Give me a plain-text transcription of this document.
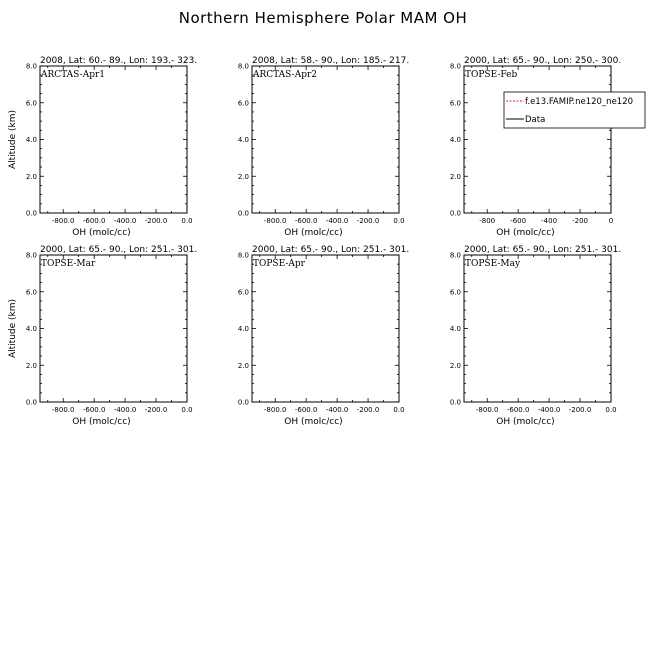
Northern Hemisphere Polar MAM OH
2008, Lat: 60.- 89., Lon: 193.- 323.
ARCTAS-Apr1
0.0
2.0
4.0
6.0
8.0
-800.0 -600.0 -400.0 -200.0 0.0
OH (molc/cc)
Altitude (km)
2008, Lat: 58.- 90., Lon: 185.- 217.
ARCTAS-Apr2
0.0
2.0
4.0
6.0
8.0
-800.0 -600.0 -400.0 -200.0 0.0
OH (molc/cc)
2000, Lat: 65.- 90., Lon: 250.- 300.
TOPSE-Feb
0.0
2.0
4.0
6.0
8.0
-800 -600 -400 -200	0
OH (molc/cc)
f.e13.FAMIP.ne120_ne120
Data
2000, Lat: 65.- 90., Lon: 251.- 301.
TOPSE-Mar
0.0
2.0
4.0
6.0
8.0
-800.0 -600.0 -400.0 -200.0 0.0
OH (molc/cc)
Altitude (km)
2000, Lat: 65.- 90., Lon: 251.- 301.
TOPSE-Apr
0.0
2.0
4.0
6.0
8.0
-800.0 -600.0 -400.0 -200.0 0.0
OH (molc/cc)
2000, Lat: 65.- 90., Lon: 251.- 301.
TOPSE-May
0.0
2.0
4.0
6.0
8.0
-800.0 -600.0 -400.0 -200.0 0.0
OH (molc/cc)
